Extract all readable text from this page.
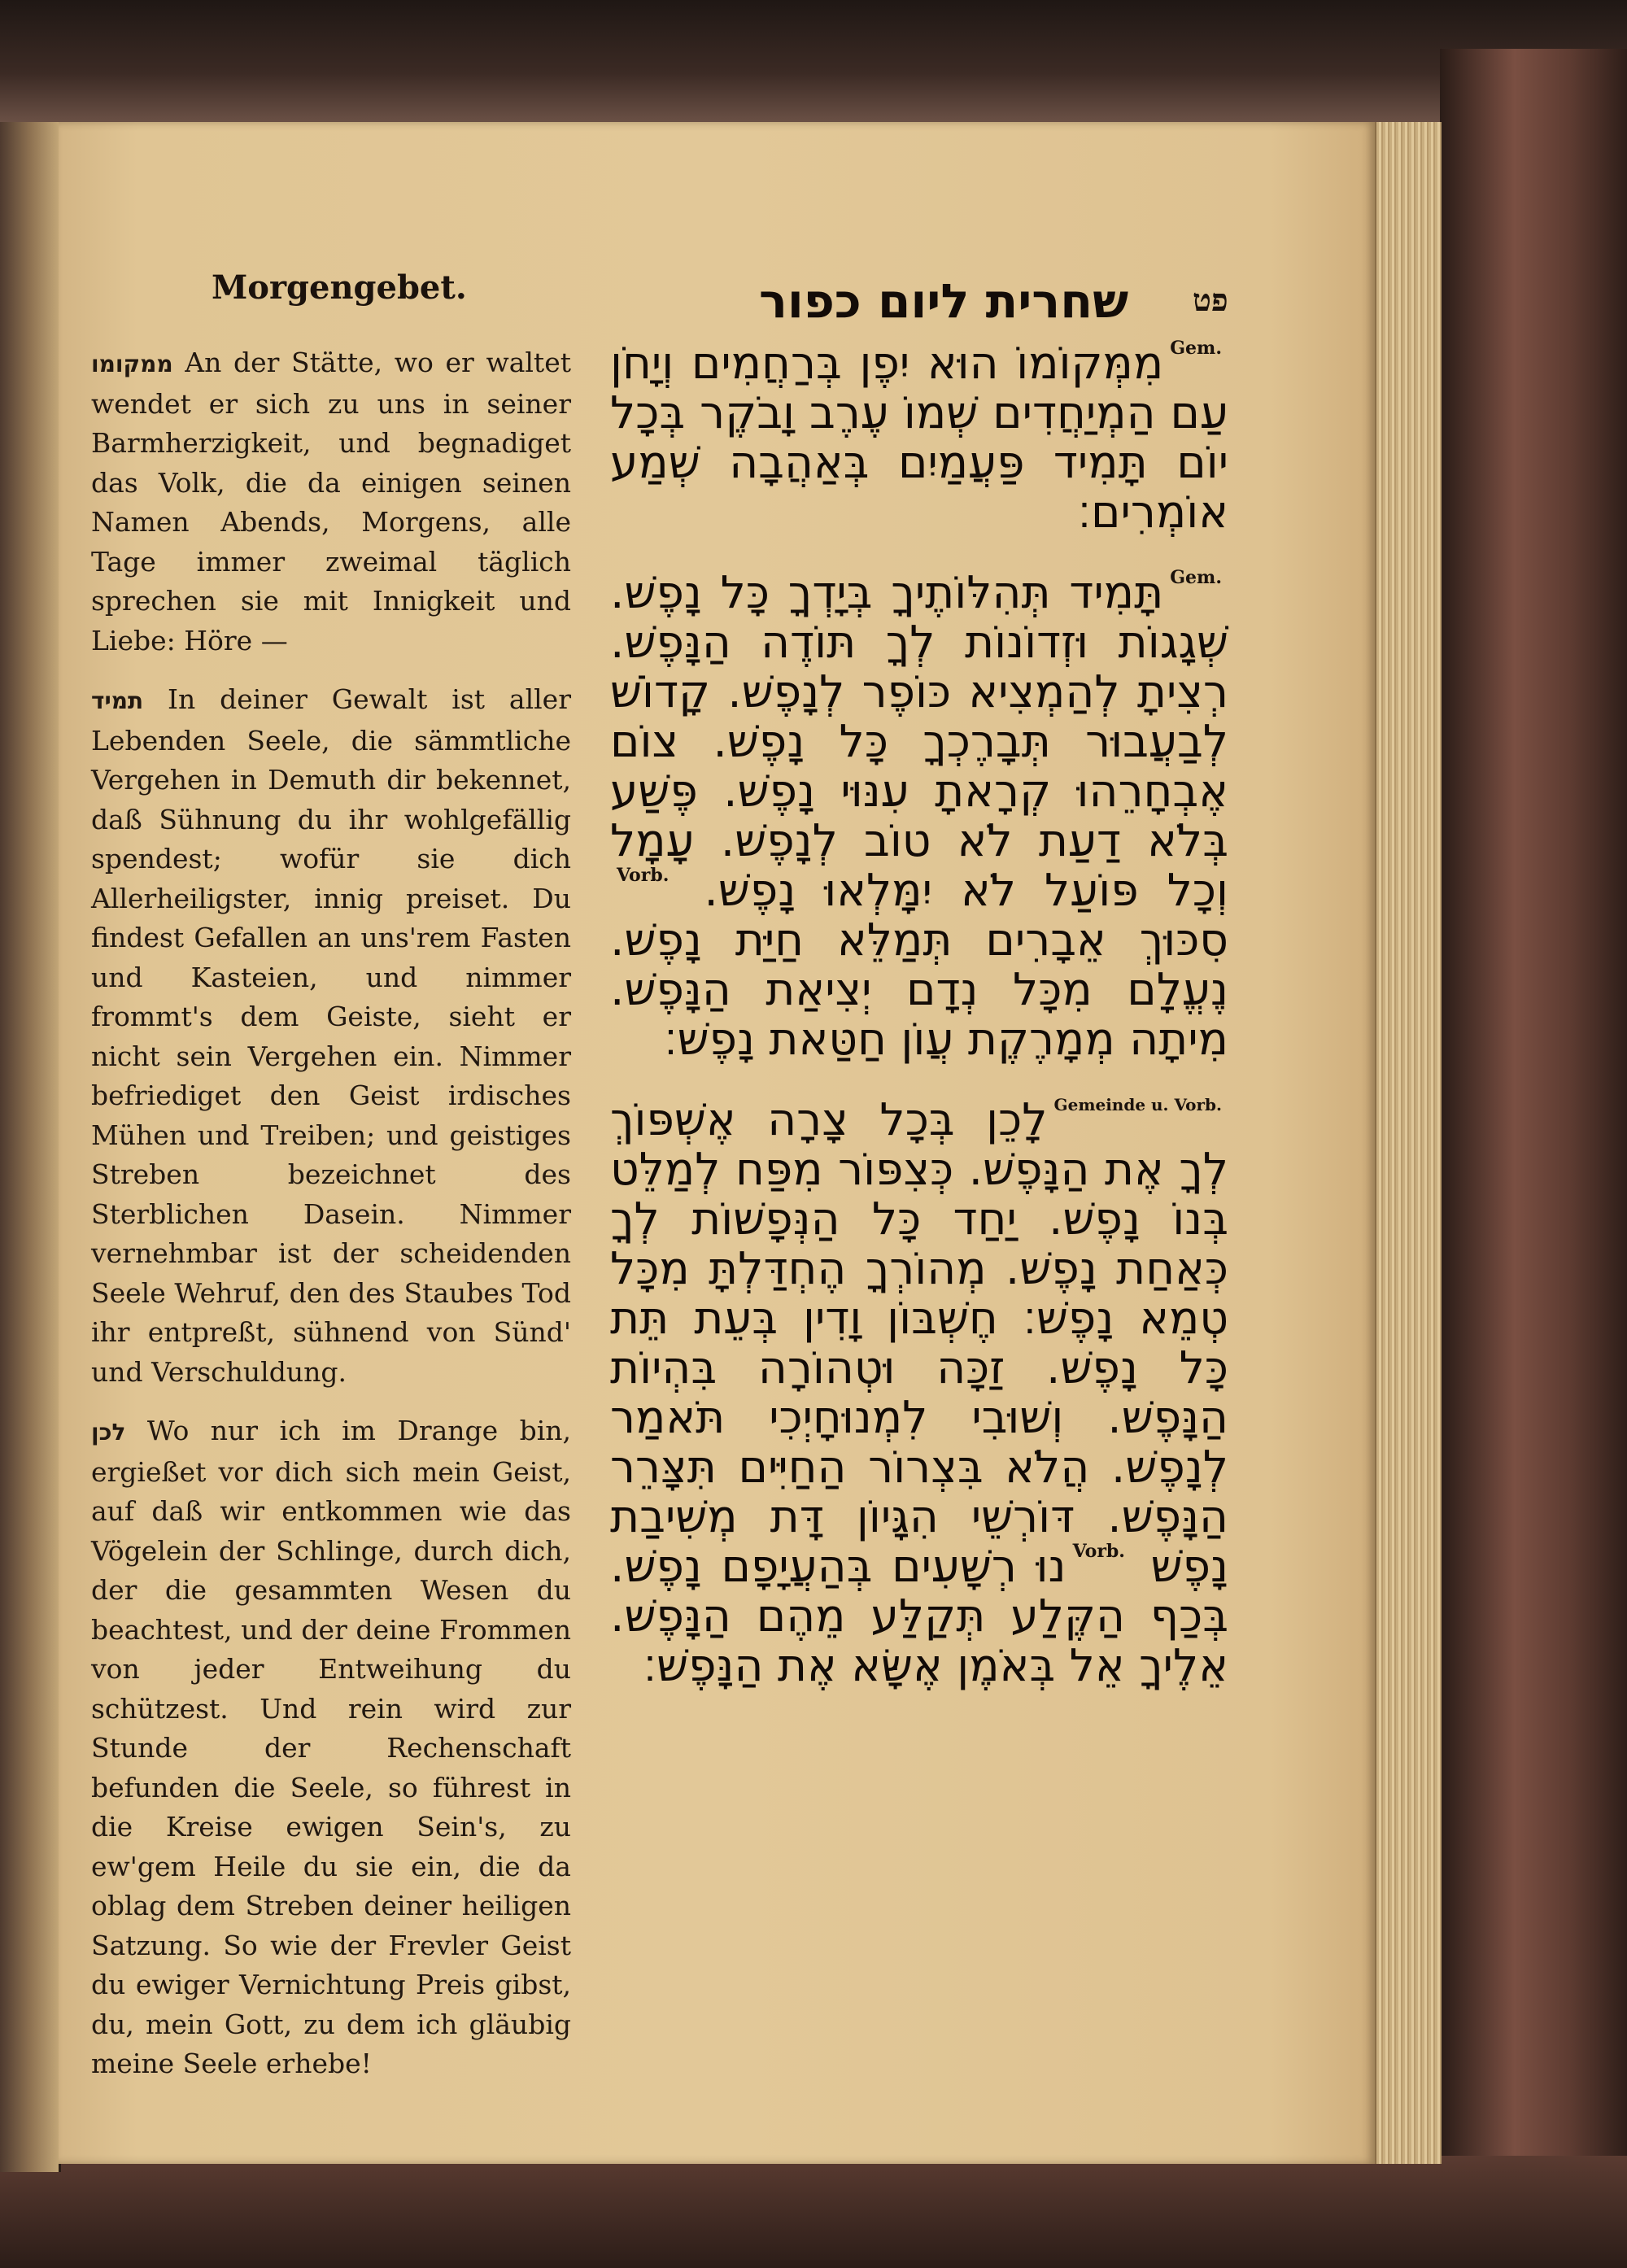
Morgengebet.	שחרית ליום כפור	פט

ממקומו An der Stätte, wo er waltet wendet er sich zu uns in seiner Barmherzigkeit, und begnadiget das Volk, die da einigen seinen Namen Abends, Morgens, alle Tage immer zweimal täglich sprechen sie mit Innigkeit und Liebe: Höre —

תמיד In deiner Gewalt ist aller Lebenden Seele, die sämmtliche Vergehen in Demuth dir bekennet, daß Sühnung du ihr wohlgefällig spendest; wofür sie dich Allerheiligster, innig preiset. Du findest Gefallen an uns'rem Fasten und Kasteien, und nimmer frommt's dem Geiste, sieht er nicht sein Vergehen ein. Nimmer befriediget den Geist irdisches Mühen und Treiben; und geistiges Streben bezeichnet des Sterblichen Dasein. Nimmer vernehmbar ist der scheidenden Seele Wehruf, den des Staubes Tod ihr entpreßt, sühnend von Sünd' und Verschuldung.

לכן Wo nur ich im Drange bin, ergießet vor dich sich mein Geist, auf daß wir entkommen wie das Vögelein der Schlinge, durch dich, der die gesammten Wesen du beachtest, und der deine Frommen von jeder Entweihung du schützest. Und rein wird zur Stunde der Rechenschaft befunden die Seele, so führest in die Kreise ewigen Sein's, zu ew'gem Heile du sie ein, die da oblag dem Streben deiner heiligen Satzung. So wie der Frevler Geist du ewiger Vernichtung Preis gibst, du, mein Gott, zu dem ich gläubig meine Seele erhebe!

Gem.מִמְּקוֹמוֹ הוּא יִפֶן בְּרַחֲמִים וְיָחֹן עַם הַמְיַחֲדִים שְׁמוֹ עֶרֶב וָבֹקֶר בְּכָל יוֹם תָּמִיד פַּעֲמַיִם בְּאַהֲבָה שְׁמַע אוֹמְרִים׃

Gem.תָּמִיד תְּהִלּוֹתֶיךָ בְּיָדְךָ כָּל נָפֶשׁ. שְׁגָגוֹת וּזְדוֹנוֹת לְךָ תּוֹדֶה הַנָּפֶשׁ. רְצִיתָ לְהַמְצִיא כּוֹפֶר לְנָפֶשׁ. קָדוֹשׁ לְבַעֲבוּר תְּבָרֶכְךָ כָּל נָפֶשׁ. צוֹם אֶבְחָרֵהוּ קְרָאתָ עִנּוּי נָפֶשׁ. פֶּשַׁע בְּלֹא דַעַת לֹא טוֹב לְנָפֶשׁ. עָמָל וְכָל פּוֹעַל לֹא יִמָּלְאוּ נָפֶשׁ. Vorb.סִכּוּךְ אֵבָרִים תְּמַלֵּא חַיַּת נָפֶשׁ. נֶעֱלָם מִכָּל נְדָם יְצִיאַת הַנָּפֶשׁ. מִיתָה מְמָרֶקֶת עֲוֹן חַטַּאת נָפֶשׁ׃

Gemeinde u. Vorb.לָכֵן בְּכָל צָרָה אֶשְׁפּוֹךְ לְךָ אֶת הַנָּפֶשׁ. כְּצִפּוֹר מִפַּח לְמַלֵּט בְּנוֹ נָפֶשׁ. יַחַד כָּל הַנְּפָשׁוֹת לְךָ כְּאַחַת נָפֶשׁ. מְהוֹרְךָ הֶחְדַּלְתָּ מִכָּל טְמֵא נָפֶשׁ׃ חֶשְׁבּוֹן וָדִין בְּעֵת תֵּת כָּל נָפֶשׁ. זַכָּה וּטְהוֹרָה בִּהְיוֹת הַנָּפֶשׁ. וְשׁוּבִי לִמְנוּחָיְכִי תֹּאמַר לְנָפֶשׁ. הֲלֹא בִּצְרוֹר הַחַיִּים תִּצָּרֵר הַנָּפֶשׁ. דּוֹרְשֵׁי הִגָּיוֹן דָּת מְשִׁיבַת נָפֶשׁ Vorb.נוּ רְשָׁעִים בְּהַעֲיָפָם נָפֶשׁ. בְּכַף הַקֶּלַע תְּקַלַּע מֵהֶם הַנָּפֶשׁ. אֵלֶיךָ אֵל בְּאֹמֶן אֶשָּׂא אֶת הַנָּפֶשׁ׃
